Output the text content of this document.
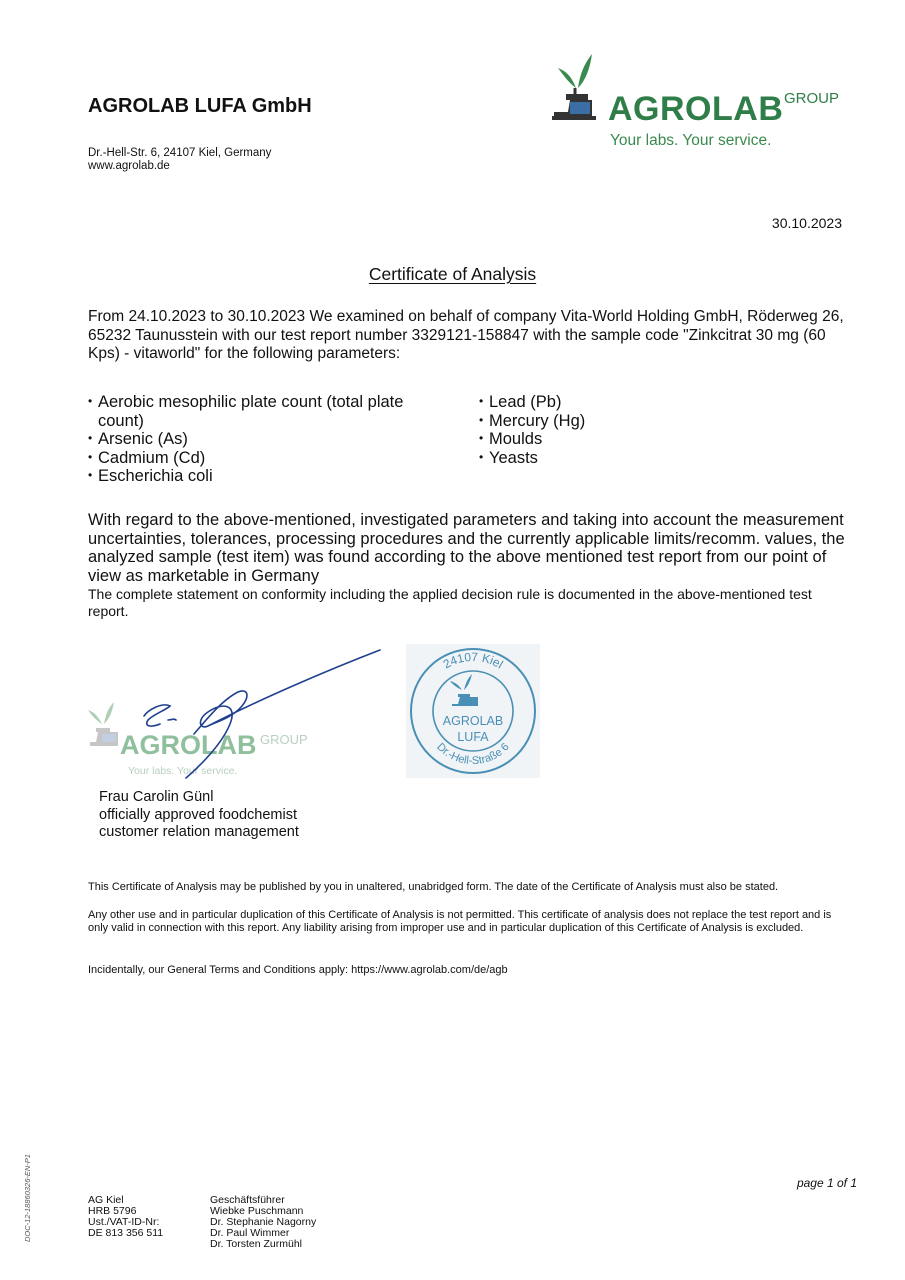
AGROLAB LUFA GmbH
Dr.-Hell-Str. 6, 24107 Kiel, Germany
www.agrolab.de
AGROLAB GROUP
Your labs. Your service.
30.10.2023
Certificate of Analysis
From 24.10.2023 to 30.10.2023 We examined on behalf of company Vita-World Holding GmbH, Röderweg 26, 65232 Taunusstein with our test report number 3329121-158847 with the sample code "Zinkcitrat 30 mg (60 Kps) - vitaworld" for the following parameters:
• Aerobic mesophilic plate count (total plate count)
• Arsenic (As)
• Cadmium (Cd)
• Escherichia coli
• Lead (Pb)
• Mercury (Hg)
• Moulds
• Yeasts
With regard to the above-mentioned, investigated parameters and taking into account the measurement uncertainties, tolerances, processing procedures and the currently applicable limits/recomm. values, the analyzed sample (test item) was found according to the above mentioned test report from our point of view as marketable in Germany
The complete statement on conformity including the applied decision rule is documented in the above-mentioned test report.
AGROLAB GROUP
Your labs. Your service.
24107 Kiel
Dr.-Hell-Straße 6
AGROLAB
LUFA
Frau Carolin Günl
officially approved foodchemist
customer relation management
This Certificate of Analysis may be published by you in unaltered, unabridged form. The date of the Certificate of Analysis must also be stated.
Any other use and in particular duplication of this Certificate of Analysis is not permitted. This certificate of analysis does not replace the test report and is only valid in connection with this report. Any liability arising from improper use and in particular duplication of this Certificate of Analysis is excluded.
Incidentally, our General Terms and Conditions apply: https://www.agrolab.com/de/agb
DOC-12-18860326-EN-P1	page 1 of 1
AG Kiel
HRB 5796
Ust./VAT-ID-Nr:
DE 813 356 511
Geschäftsführer
Wiebke Puschmann
Dr. Stephanie Nagorny
Dr. Paul Wimmer
Dr. Torsten Zurmühl
